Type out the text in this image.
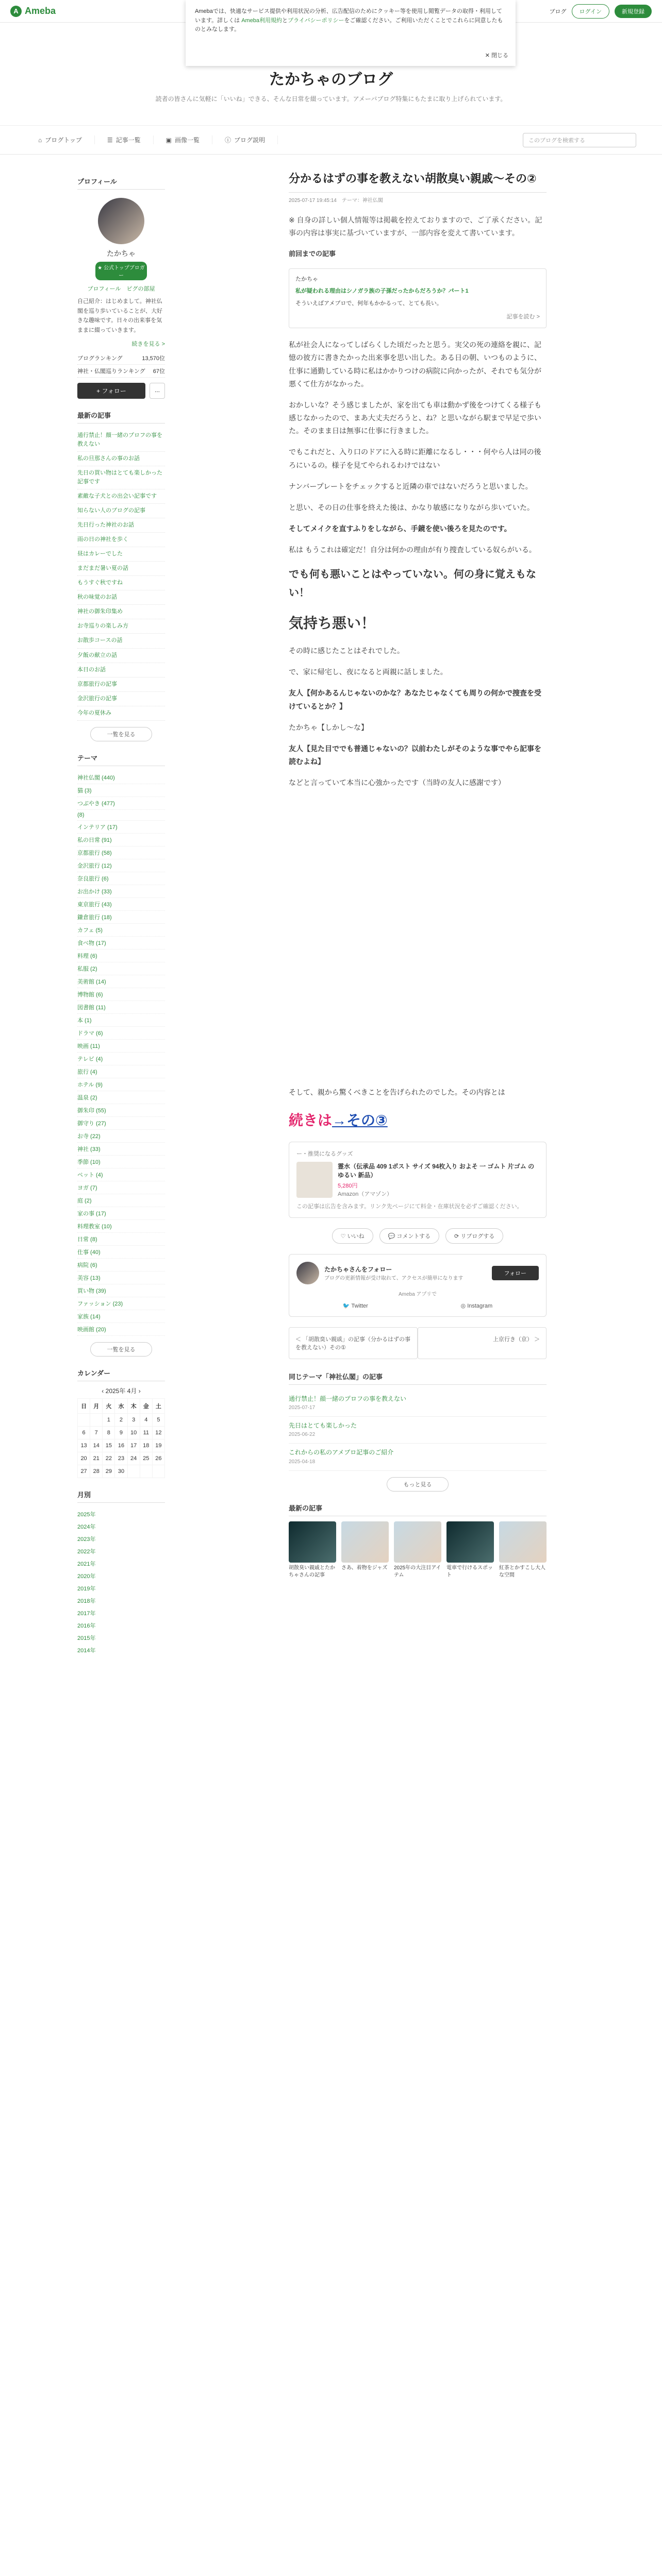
A Ameba	ブログ	ログイン	新規登録
Amebaでは、快適なサービス提供や利用状況の分析、広告配信のためにクッキー等を使用し閲覧データの取得・利用しています。詳しくは Ameba利用規約とプライバシーポリシーをご確認ください。ご利用いただくことでこれらに同意したものとみなします。
✕ 閉じる
たかちゃのブログ
読者の皆さんに気軽に「いいね」できる、そんな日常を綴っています。アメーバブログ特集にもたまに取り上げられています。
⌂ ブログトップ	☰ 記事一覧	▣ 画像一覧	ⓘ ブログ説明	このブログを検索する
プロフィール
たかちゃ
★ 公式トップブロガー
プロフィール　ピグの部屋
自己紹介：はじめまして。神社仏閣を巡り歩いていることが、大好きな趣味です。日々の出来事を気ままに綴っていきます。
続きを見る >
ブログランキング	13,570位
神社・仏閣巡りランキング 67位
+ フォロー	...
最新の記事
通行禁止！顔一緒のプロフの事を教えない
私の旦那さんの事のお話
先日の買い物はとても楽しかった記事です
素敵な子犬との出会い記事です
知らない人のブログの記事
先日行った神社のお話
雨の日の神社を歩く
昼はカレーでした
まだまだ暑い夏の話
もうすぐ秋ですね
秋の味覚のお話
神社の御朱印集め
お寺巡りの楽しみ方
お散歩コースの話
夕飯の献立の話
本日のお話
京都旅行の記事
金沢旅行の記事
今年の夏休み
一覧を見る
テーマ
神社仏閣 (440)
猫 (3)
つぶやき (477)
(8)
インテリア (17)
私の日常 (91)
京都旅行 (58)
金沢旅行 (12)
奈良旅行 (6)
お出かけ (33)
東京旅行 (43)
鎌倉旅行 (18)
カフェ (5)
食べ物 (17)
料理 (6)
私服 (2)
美術館 (14)
博物館 (6)
図書館 (11)
本 (1)
ドラマ (6)
映画 (11)
テレビ (4)
旅行 (4)
ホテル (9)
温泉 (2)
御朱印 (55)
御守り (27)
お寺 (22)
神社 (33)
季節 (10)
ペット (4)
ヨガ (7)
庭 (2)
家の事 (17)
料理教室 (10)
日常 (8)
仕事 (40)
病院 (6)
美容 (13)
買い物 (39)
ファッション (23)
家族 (14)
映画館 (20)
一覧を見る
カレンダー
‹ 2025年 4月 ›
日	月	火	水	木	金	土
		1	2	3	4	5
6	7	8	9	10	11	12
13	14	15	16	17	18	19
20	21	22	23	24	25	26
27	28	29	30			
月別
2025年
2024年
2023年
2022年
2021年
2020年
2019年
2018年
2017年
2016年
2015年
2014年
分かるはずの事を教えない胡散臭い親戚～その②
2025-07-17 19:45:14　テーマ：神社仏閣

※ 自身の詳しい個人情報等は掲載を控えておりますので、ご了承ください。記事の内容は事実に基づいていますが、一部内容を変えて書いています。

前回までの記事

たかちゃ
私が疑われる理由はシノガラ族の子孫だったからだろうか？パート1
そういえばアメブロで、何年もかかるって、とても長い。
記事を読む >

私が社会人になってしばらくした頃だったと思う。実父の死の連絡を親に、記憶の彼方に書きたかった出来事を思い出した。ある日の朝、いつものように、仕事に通勤している時に私はかかりつけの病院に向かったが、それでも気分が悪くて仕方がなかった。

おかしいな？そう感じましたが、家を出ても車は動かず後をつけてくる様子も感じなかったので、まあ大丈夫だろうと、ね？と思いながら駅まで早足で歩いた。そのまま日は無事に仕事に行きました。

でもこれだと、入り口のドアに入る時に距離になるし・・・何やら人は同の後ろにいるの。様子を見てやられるわけではない

ナンバープレートをチェックすると近隣の車ではないだろうと思いました。

と思い、その日の仕事を終えた後は、かなり敏感になりながら歩いていた。

そしてメイクを直すふりをしながら、手鏡を使い後ろを見たのです。

私は もうこれは確定だ！自分は何かの理由が有り捜査している奴らがいる。

でも何も悪いことはやっていない。何の身に覚えもない！

気持ち悪い！

その時に感じたことはそれでした。

で、家に帰宅し、夜になると両親に話しました。

友人【何かあるんじゃないのかな？あなたじゃなくても周りの何かで捜査を受けているとか？】

たかちゃ【しかし～な】

友人【見た目ででも普通じゃないの？以前わたしがそのような事でやら記事を読むよね】

などと言っていて本当に心強かったです（当時の友人に感謝です）

そして、親から驚くべきことを告げられたのでした。その内容とは

続きは→その③

ー・推奨になるグッズ
霊水（伝承品 409 1ポスト サイズ 94枚入り およそ 一 ゴムト 片ゴム の　ゆるい 新品）
5,280円
Amazon（アマゾン）
この記事は広告を含みます。リンク先ページにて料金・在庫状況を必ずご確認ください。
♡ いいね	💬 コメントする	⟳ リブログする
たかちゃさんをフォロー
ブログの更新情報が受け取れて、アクセスが簡単になります
フォロー
Ameba アプリで
🐦 Twitter	◎ Instagram
＜ 「胡散臭い親戚」の記事（分かるはずの事を教えない）その①
上京行き（京） ＞
同じテーマ「神社仏閣」の記事
通行禁止！顔一緒のプロフの事を教えない
2025-07-17
先日はとても楽しかった
2025-06-22
これからの私のアメブロ記事のご紹介
2025-04-18
もっと見る
最新の記事
胡散臭い親戚とたかちゃさんの記事
さあ、着物をジャズ 2025年の大注目アイテム
電車で行けるスポット
紅茶とかすこし大人な空間
